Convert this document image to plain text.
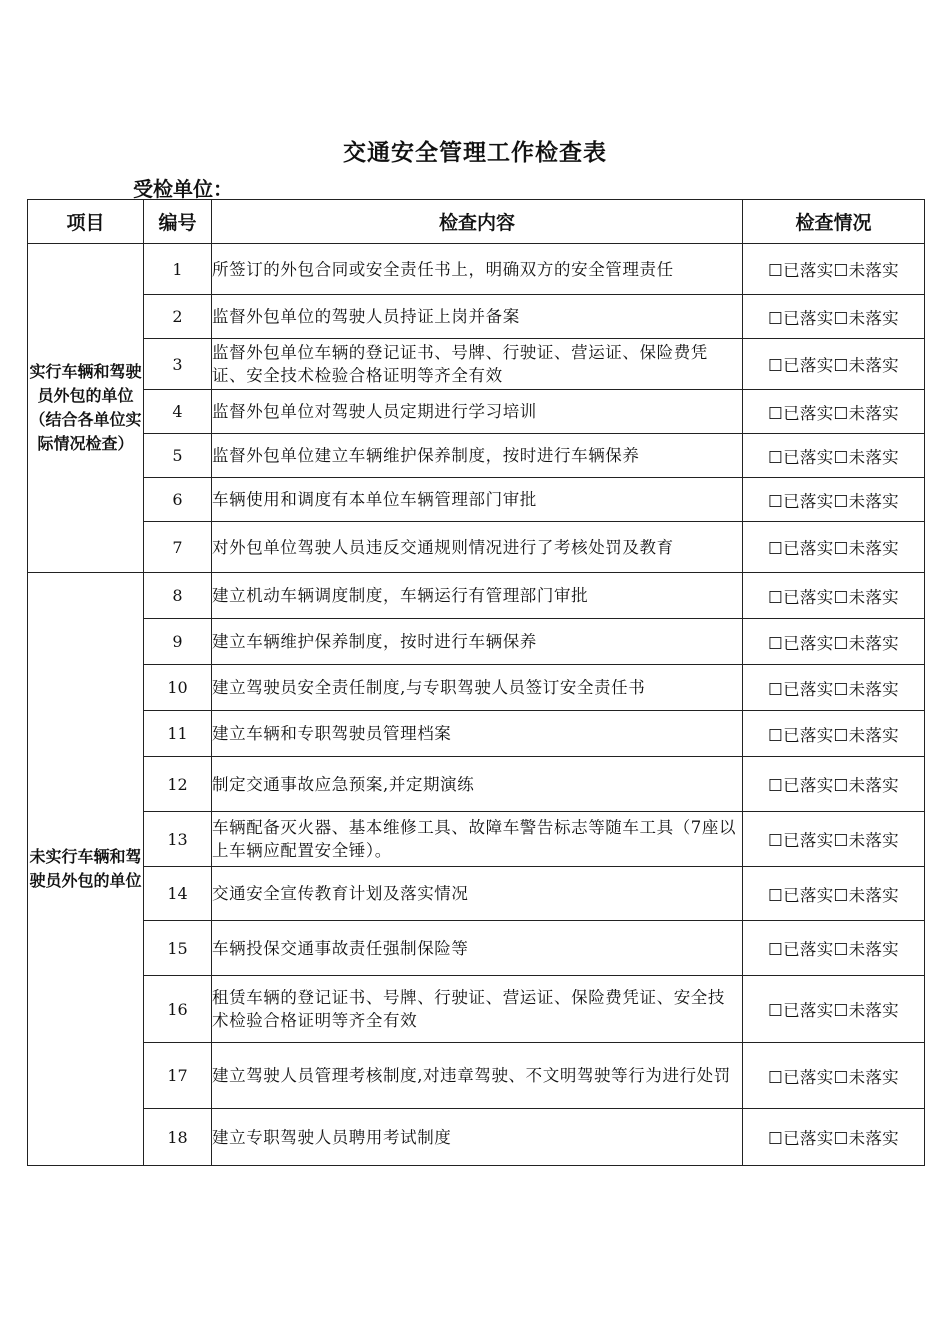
交通安全管理工作检查表
受检单位：
项目	编号	检查内容	检查情况
实行车辆和驾驶员外包的单位（结合各单位实际情况检查）	1	所签订的外包合同或安全责任书上，明确双方的安全管理责任	☐已落实☐未落实
	2	监督外包单位的驾驶人员持证上岗并备案	☐已落实☐未落实
	3	监督外包单位车辆的登记证书、号牌、行驶证、营运证、保险费凭证、安全技术检验合格证明等齐全有效	☐已落实☐未落实
	4	监督外包单位对驾驶人员定期进行学习培训	☐已落实☐未落实
	5	监督外包单位建立车辆维护保养制度，按时进行车辆保养	☐已落实☐未落实
	6	车辆使用和调度有本单位车辆管理部门审批	☐已落实☐未落实
	7	对外包单位驾驶人员违反交通规则情况进行了考核处罚及教育	☐已落实☐未落实
未实行车辆和驾驶员外包的单位	8	建立机动车辆调度制度，车辆运行有管理部门审批	☐已落实☐未落实
	9	建立车辆维护保养制度，按时进行车辆保养	☐已落实☐未落实
	10	建立驾驶员安全责任制度,与专职驾驶人员签订安全责任书	☐已落实☐未落实
	11	建立车辆和专职驾驶员管理档案	☐已落实☐未落实
	12	制定交通事故应急预案,并定期演练	☐已落实☐未落实
	13	车辆配备灭火器、基本维修工具、故障车警告标志等随车工具（7座以上车辆应配置安全锤）。	☐已落实☐未落实
	14	交通安全宣传教育计划及落实情况	☐已落实☐未落实
	15	车辆投保交通事故责任强制保险等	☐已落实☐未落实
	16	租赁车辆的登记证书、号牌、行驶证、营运证、保险费凭证、安全技术检验合格证明等齐全有效	☐已落实☐未落实
	17	建立驾驶人员管理考核制度,对违章驾驶、不文明驾驶等行为进行处罚	☐已落实☐未落实
	18	建立专职驾驶人员聘用考试制度	☐已落实☐未落实
